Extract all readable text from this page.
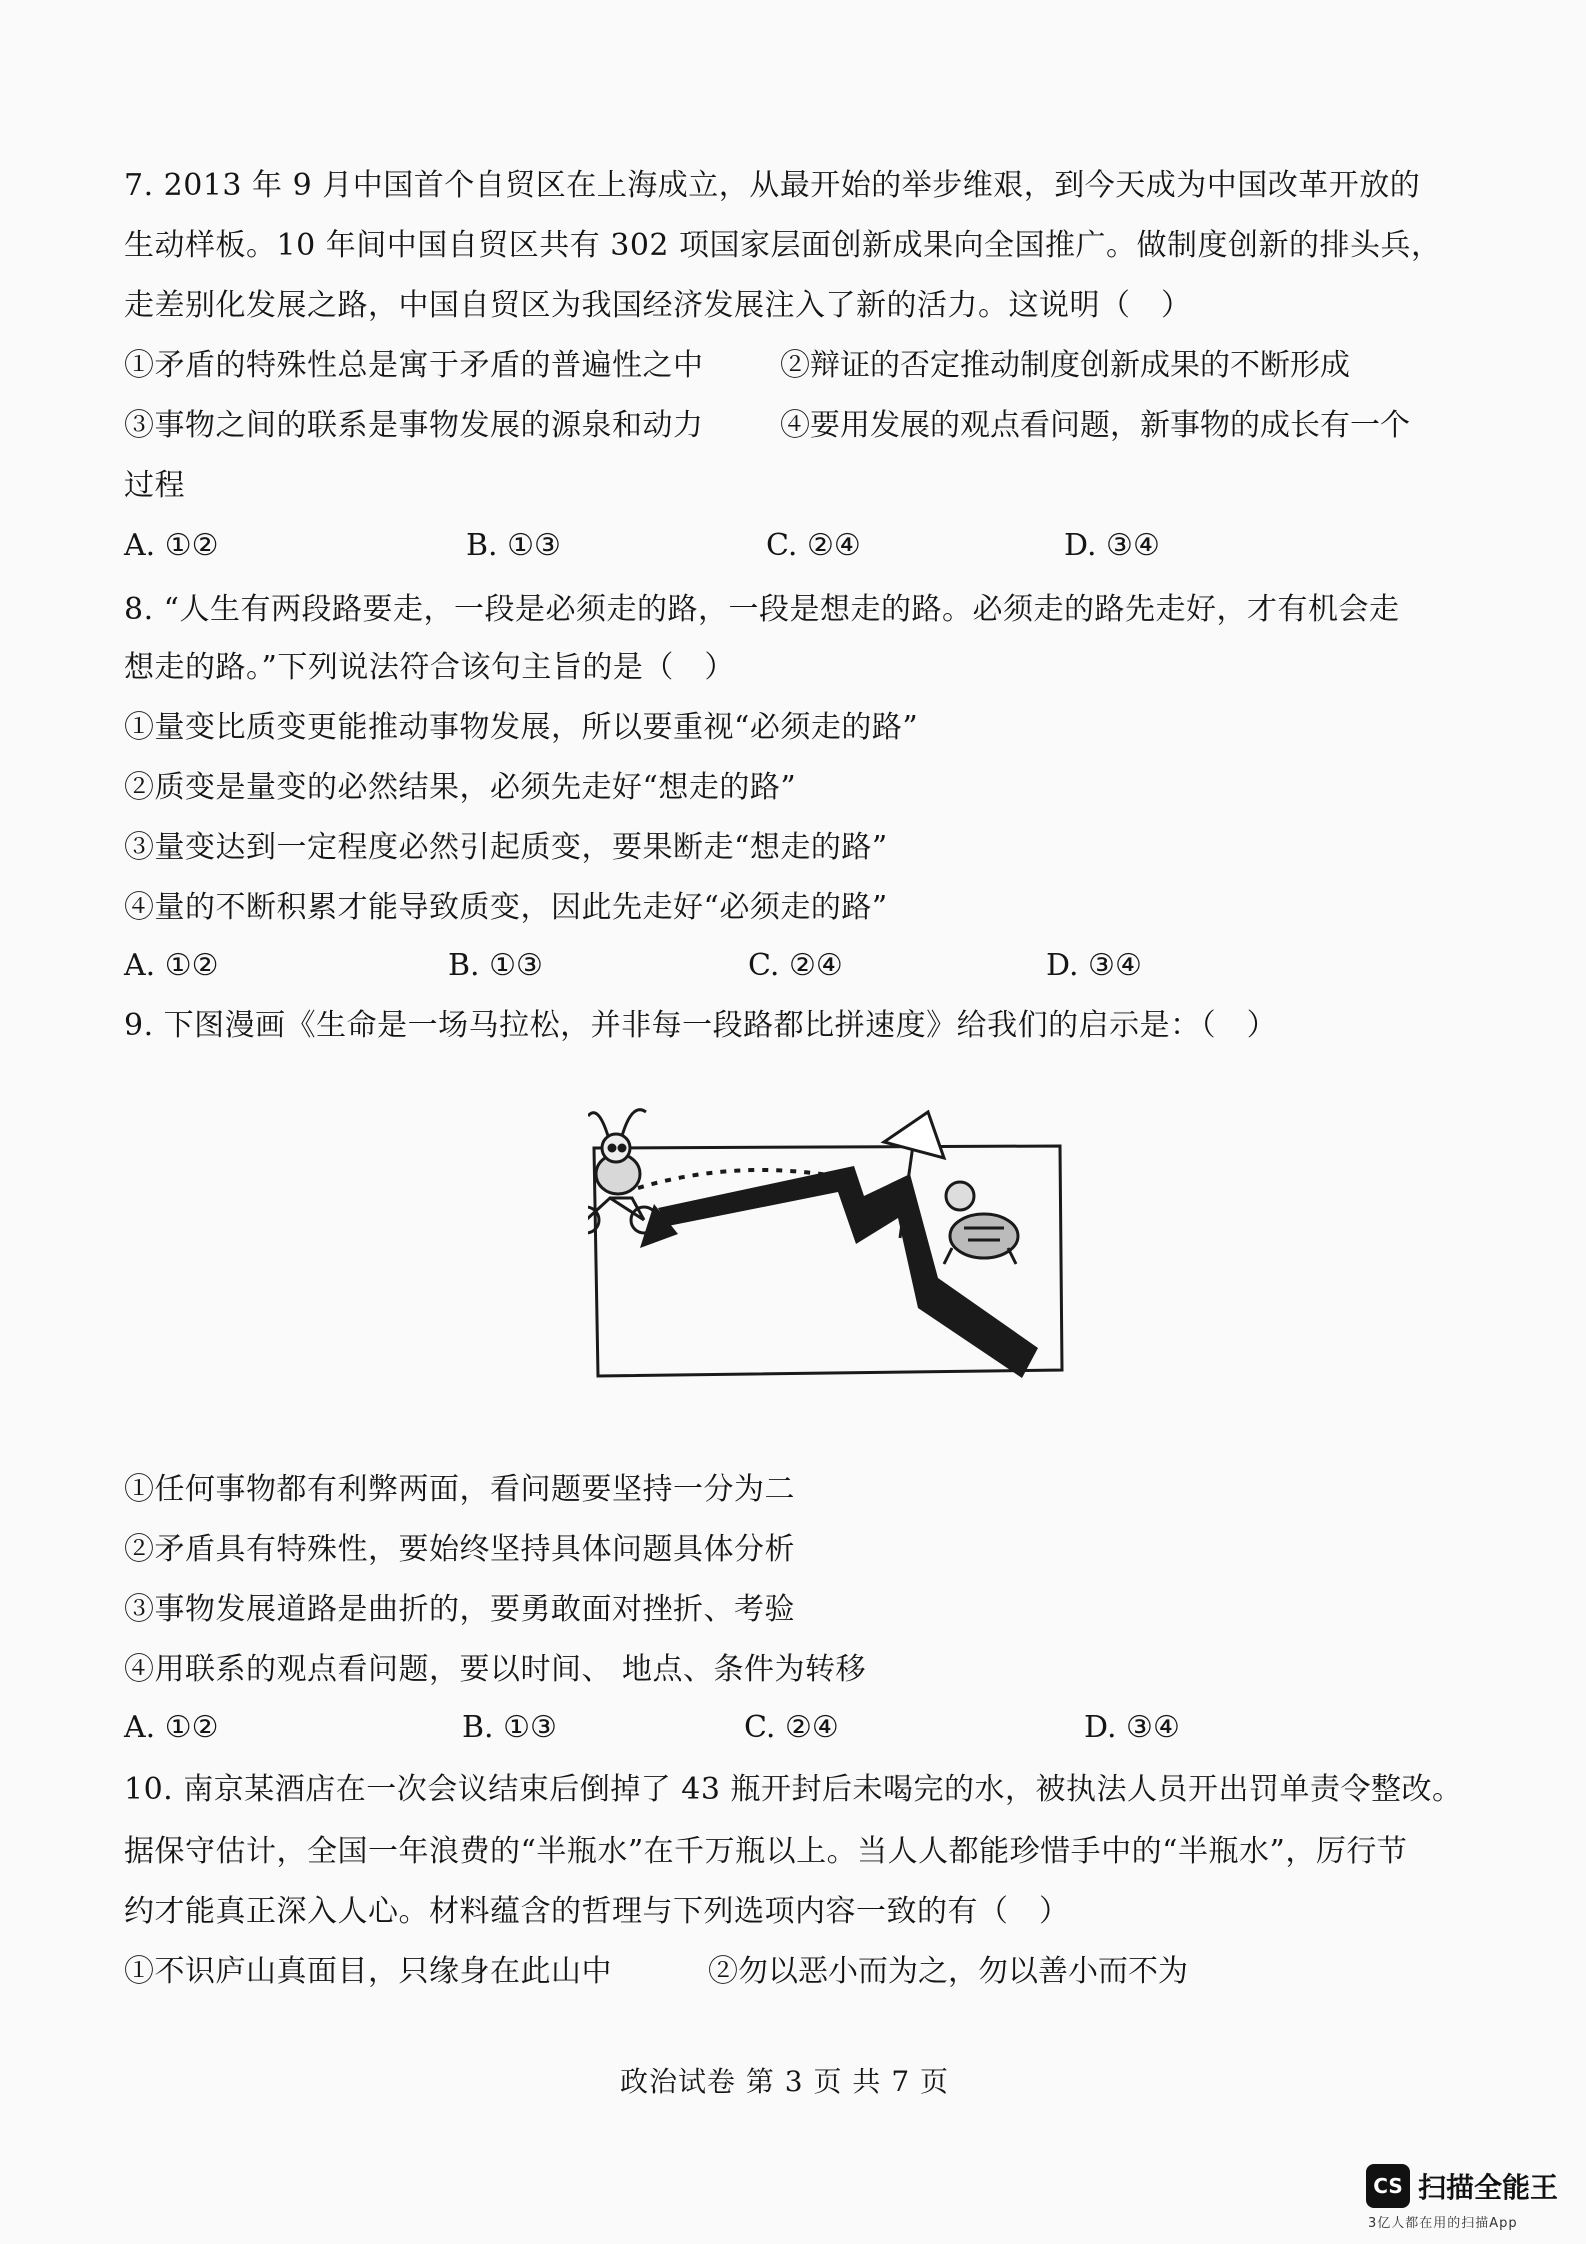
7. 2013 年 9 月中国首个自贸区在上海成立，从最开始的举步维艰，到今天成为中国改革开放的
生动样板。10 年间中国自贸区共有 302 项国家层面创新成果向全国推广。做制度创新的排头兵，
走差别化发展之路，中国自贸区为我国经济发展注入了新的活力。这说明（　）
①矛盾的特殊性总是寓于矛盾的普遍性之中	②辩证的否定推动制度创新成果的不断形成
③事物之间的联系是事物发展的源泉和动力	④要用发展的观点看问题，新事物的成长有一个
过程
A. ①②	B. ①③	C. ②④	D. ③④
8. “人生有两段路要走，一段是必须走的路，一段是想走的路。必须走的路先走好，才有机会走
想走的路。”下列说法符合该句主旨的是（　）
①量变比质变更能推动事物发展，所以要重视“必须走的路”
②质变是量变的必然结果，必须先走好“想走的路”
③量变达到一定程度必然引起质变，要果断走“想走的路”
④量的不断积累才能导致质变，因此先走好“必须走的路”
A. ①②	B. ①③	C. ②④	D. ③④
9. 下图漫画《生命是一场马拉松，并非每一段路都比拼速度》给我们的启示是：（　）
①任何事物都有利弊两面，看问题要坚持一分为二
②矛盾具有特殊性，要始终坚持具体问题具体分析
③事物发展道路是曲折的，要勇敢面对挫折、考验
④用联系的观点看问题，要以时间、 地点、条件为转移
A. ①②	B. ①③	C. ②④	D. ③④
10. 南京某酒店在一次会议结束后倒掉了 43 瓶开封后未喝完的水，被执法人员开出罚单责令整改。
据保守估计，全国一年浪费的“半瓶水”在千万瓶以上。当人人都能珍惜手中的“半瓶水”，厉行节
约才能真正深入人心。材料蕴含的哲理与下列选项内容一致的有（　）
①不识庐山真面目，只缘身在此山中	②勿以恶小而为之，勿以善小而不为
政治试卷 第 3 页 共 7 页
CS 扫描全能王
3亿人都在用的扫描App
